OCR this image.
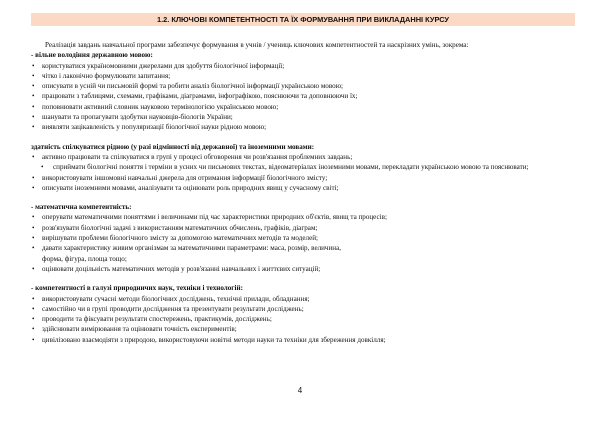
1.2. КЛЮЧОВІ КОМПЕТЕНТНОСТІ ТА ЇХ ФОРМУВАННЯ ПРИ ВИКЛАДАННІ КУРСУ

Реалізація завдань навчальної програми забезпечує формування в учнів / учениць ключових компетентностей та наскрізних умінь, зокрема:

- вільне володіння державною мовою:

• користуватися україномовними джерелами для здобуття біологічної інформації;
• чітко і лаконічно формулювати запитання;
• описувати в усній чи письмовій формі та робити аналіз біологічної інформації українською мовою;
• працювати з таблицями, схемами, графіками, діаграмами, інфографікою, пояснюючи та доповнюючи їх;
• поповнювати активний словник науковою термінологією українською мовою;
• шанувати та пропагувати здобутки науковців-біологів України;
• виявляти зацікавленість у популяризації біологічної науки рідною мовою;

здатність спілкуватися рідною (у разі відмінності від державної) та іноземними мовами:

• активно працювати та спілкуватися в групі у процесі обговорення чи розв'язання проблемних завдань;
• сприймати біологічні поняття і терміни в усних чи письмових текстах, відеоматеріалах іноземними мовами, перекладати українською мовою та пояснювати;
• використовувати іншомовні навчальні джерела для отримання інформації біологічного змісту;
• описувати іноземними мовами, аналізувати та оцінювати роль природних явищ у сучасному світі;

- математична компетентність:

• оперувати математичними поняттями і величинами під час характеристики природних об'єктів, явищ та процесів;
• розв'язувати біологічні задачі з використанням математичних обчислень, графіків, діаграм;
• вирішувати проблеми біологічного змісту за допомогою математичних методів та моделей;
• давати характеристику живим організмам за математичними параметрами: маса, розмір, величина, форма, фігура, площа тощо;
• оцінювати доцільність математичних методів у розв'язанні навчальних і життєвих ситуацій;

- компетентності в галузі природничих наук, техніки і технологій:

• використовувати сучасні методи біологічних досліджень, технічні прилади, обладнання;
• самостійно чи в групі проводити дослідження та презентувати результати досліджень;
• проводити та фіксувати результати спостережень, практикумів, досліджень;
• здійснювати вимірювання та оцінювати точність експериментів;
• цивілізовано взаємодіяти з природою, використовуючи новітні методи науки та техніки для збереження довкілля;
4
